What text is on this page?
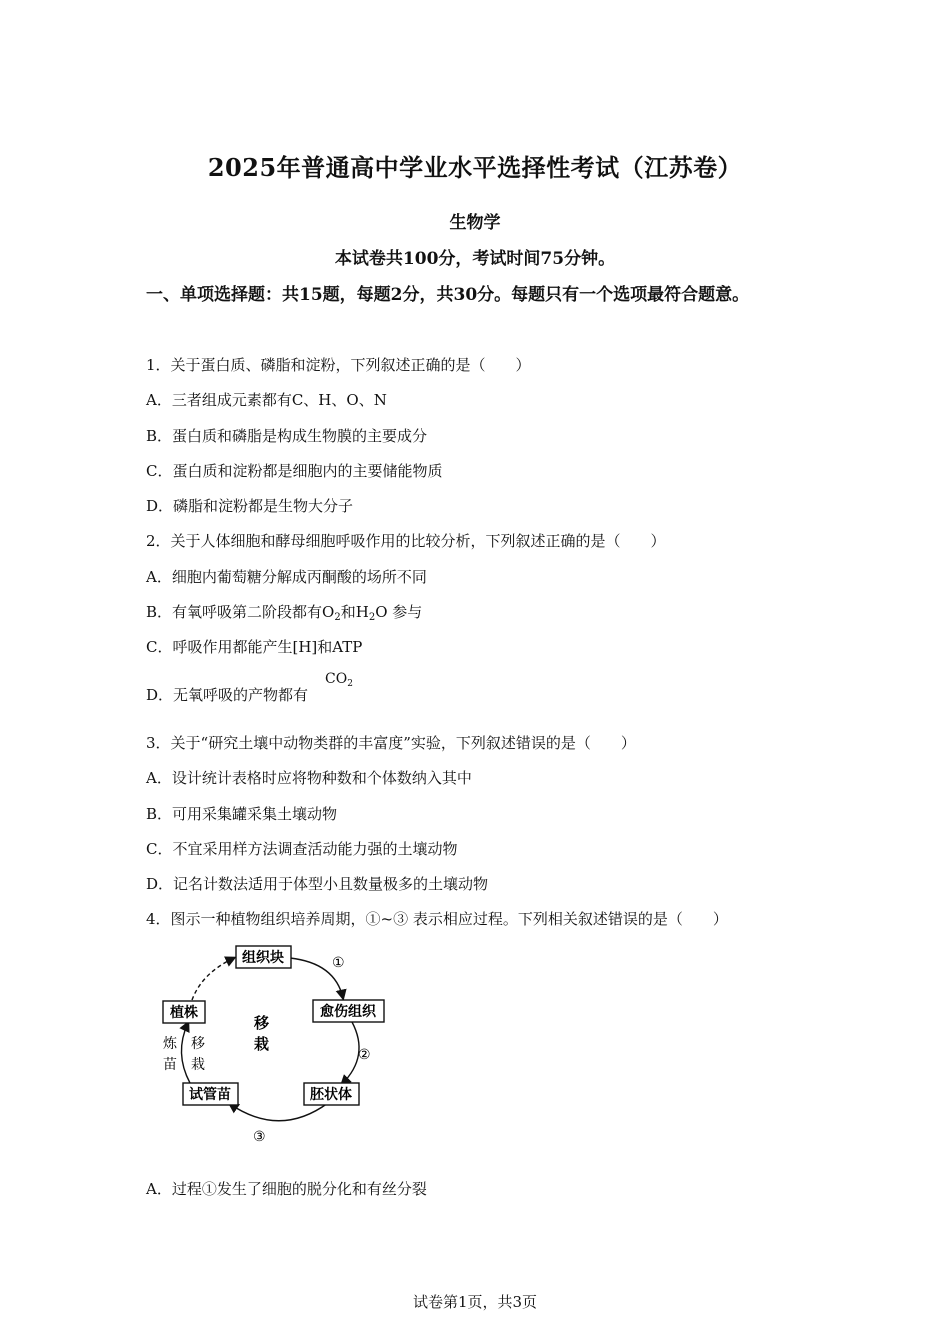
2025年普通高中学业水平选择性考试（江苏卷）
生物学
本试卷共100分，考试时间75分钟。
一、单项选择题：共15题，每题2分，共30分。每题只有一个选项最符合题意。
1．关于蛋白质、磷脂和淀粉，下列叙述正确的是（　　）
A．三者组成元素都有C、H、O、N
B．蛋白质和磷脂是构成生物膜的主要成分
C．蛋白质和淀粉都是细胞内的主要储能物质
D．磷脂和淀粉都是生物大分子
2．关于人体细胞和酵母细胞呼吸作用的比较分析，下列叙述正确的是（　　）
A．细胞内葡萄糖分解成丙酮酸的场所不同
B．有氧呼吸第二阶段都有$O_2$和$H_2O$ 参与
C．呼吸作用都能产生[H]和ATP
D．无氧呼吸的产物都有
$CO_2$
3．关于“研究土壤中动物类群的丰富度”实验，下列叙述错误的是（　　）
A．设计统计表格时应将物种数和个体数纳入其中
B．可用采集罐采集土壤动物
C．不宜采用样方法调查活动能力强的土壤动物
D．记名计数法适用于体型小且数量极多的土壤动物
4．图示一种植物组织培养周期，①~③ 表示相应过程。下列相关叙述错误的是（　　）
组织块
愈伤组织
胚状体
试管苗
植株
①
②
③
移
栽
炼
苗
移
栽
A．过程①发生了细胞的脱分化和有丝分裂
试卷第1页，共3页
